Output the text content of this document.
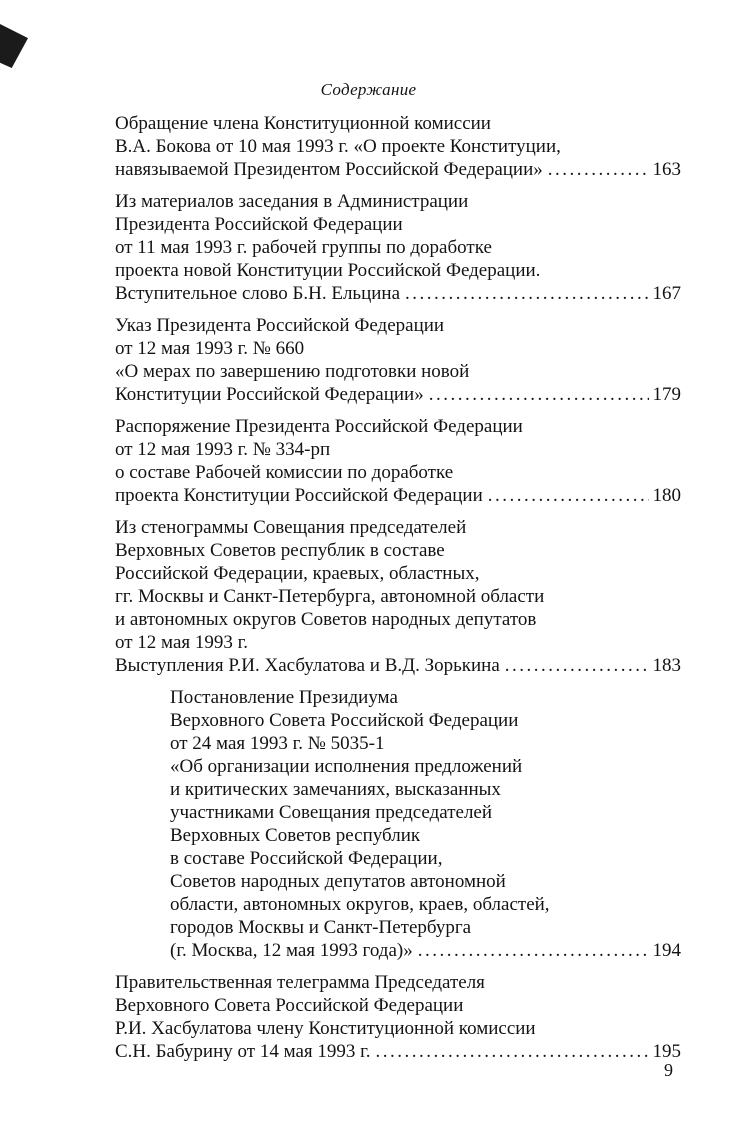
Содержание
Обращение члена Конституционной комиссии
В.А. Бокова от 10 мая 1993 г. «О проекте Конституции,
навязываемой Президентом Российской Федерации» .....	163
Из материалов заседания в Администрации
Президента Российской Федерации
от 11 мая 1993 г. рабочей группы по доработке
проекта новой Конституции Российской Федерации.
Вступительное слово Б.Н. Ельцина .....	167
Указ Президента Российской Федерации
от 12 мая 1993 г. № 660
«О мерах по завершению подготовки новой
Конституции Российской Федерации» .....	179
Распоряжение Президента Российской Федерации
от 12 мая 1993 г. № 334-рп
о составе Рабочей комиссии по доработке
проекта Конституции Российской Федерации .....	180
Из стенограммы Совещания председателей
Верховных Советов республик в составе
Российской Федерации, краевых, областных,
гг. Москвы и Санкт-Петербурга, автономной области
и автономных округов Советов народных депутатов
от 12 мая 1993 г.
Выступления Р.И. Хасбулатова и В.Д. Зорькина .....	183
Постановление Президиума
Верховного Совета Российской Федерации
от 24 мая 1993 г. № 5035-1
«Об организации исполнения предложений
и критических замечаниях, высказанных
участниками Совещания председателей
Верховных Советов республик
в составе Российской Федерации,
Советов народных депутатов автономной
области, автономных округов, краев, областей,
городов Москвы и Санкт-Петербурга
(г. Москва, 12 мая 1993 года)» .....	194
Правительственная телеграмма Председателя
Верховного Совета Российской Федерации
Р.И. Хасбулатова члену Конституционной комиссии
С.Н. Бабурину от 14 мая 1993 г. .....	195
9
